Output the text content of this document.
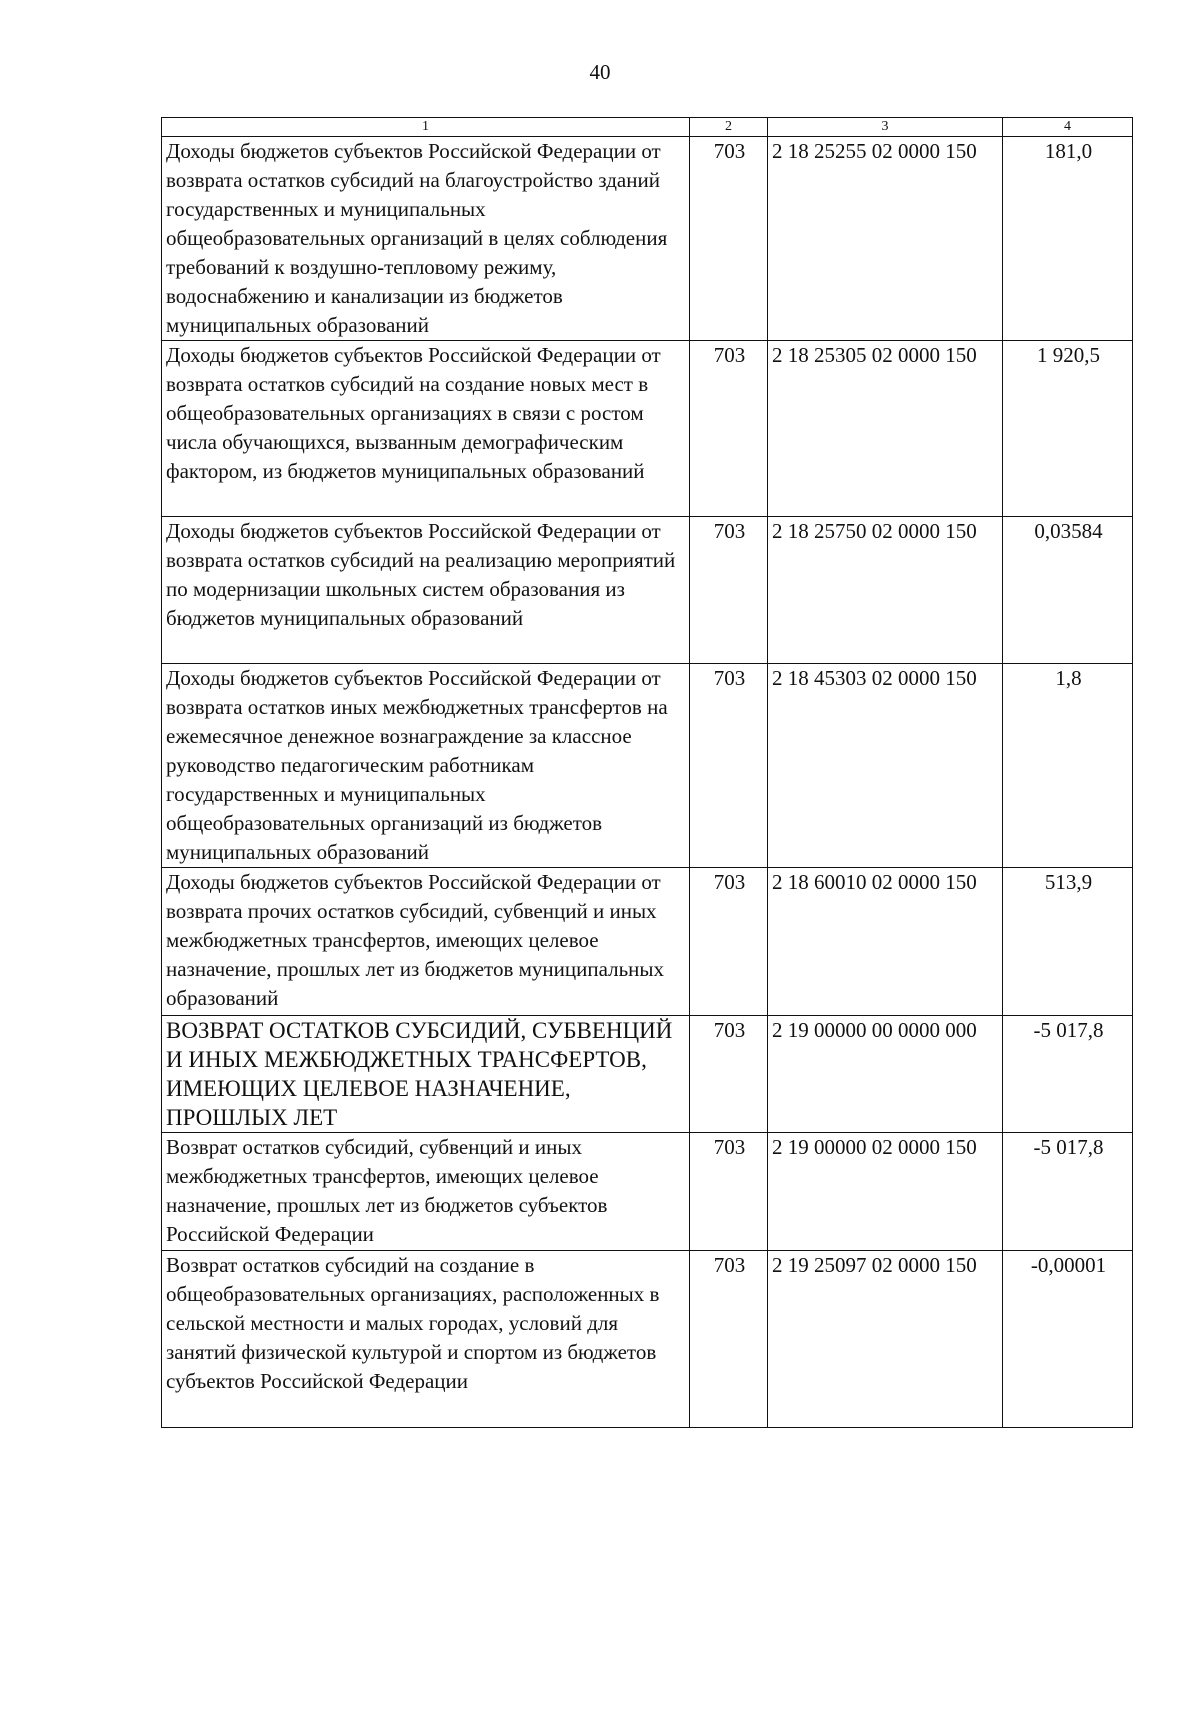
40
1	2	3	4
Доходы бюджетов субъектов Российской Федерации от возврата остатков субсидий на благоустройство зданий государственных и муниципальных общеобразовательных организаций в целях соблюдения требований к воздушно-тепловому режиму, водоснабжению и канализации из бюджетов муниципальных образований	703	2 18 25255 02 0000 150	181,0
Доходы бюджетов субъектов Российской Федерации от возврата остатков субсидий на создание новых мест в общеобразовательных организациях в связи с ростом числа обучающихся, вызванным демографическим фактором, из бюджетов муниципальных образований	703	2 18 25305 02 0000 150	1 920,5
Доходы бюджетов субъектов Российской Федерации от возврата остатков субсидий на реализацию мероприятий по модернизации школьных систем образования из бюджетов муниципальных образований	703	2 18 25750 02 0000 150	0,03584
Доходы бюджетов субъектов Российской Федерации от возврата остатков иных межбюджетных трансфертов на ежемесячное денежное вознаграждение за классное руководство педагогическим работникам государственных и муниципальных общеобразовательных организаций из бюджетов муниципальных образований	703	2 18 45303 02 0000 150	1,8
Доходы бюджетов субъектов Российской Федерации от возврата прочих остатков субсидий, субвенций и иных межбюджетных трансфертов, имеющих целевое назначение, прошлых лет из бюджетов муниципальных образований	703	2 18 60010 02 0000 150	513,9
ВОЗВРАТ ОСТАТКОВ СУБСИДИЙ, СУБВЕНЦИЙ И ИНЫХ МЕЖБЮДЖЕТНЫХ ТРАНСФЕРТОВ, ИМЕЮЩИХ ЦЕЛЕВОЕ НАЗНАЧЕНИЕ, ПРОШЛЫХ ЛЕТ	703	2 19 00000 00 0000 000	-5 017,8
Возврат остатков субсидий, субвенций и иных межбюджетных трансфертов, имеющих целевое назначение, прошлых лет из бюджетов субъектов Российской Федерации	703	2 19 00000 02 0000 150	-5 017,8
Возврат остатков субсидий на создание в общеобразовательных организациях, расположенных в сельской местности и малых городах, условий для занятий физической культурой и спортом из бюджетов субъектов Российской Федерации	703	2 19 25097 02 0000 150	-0,00001
